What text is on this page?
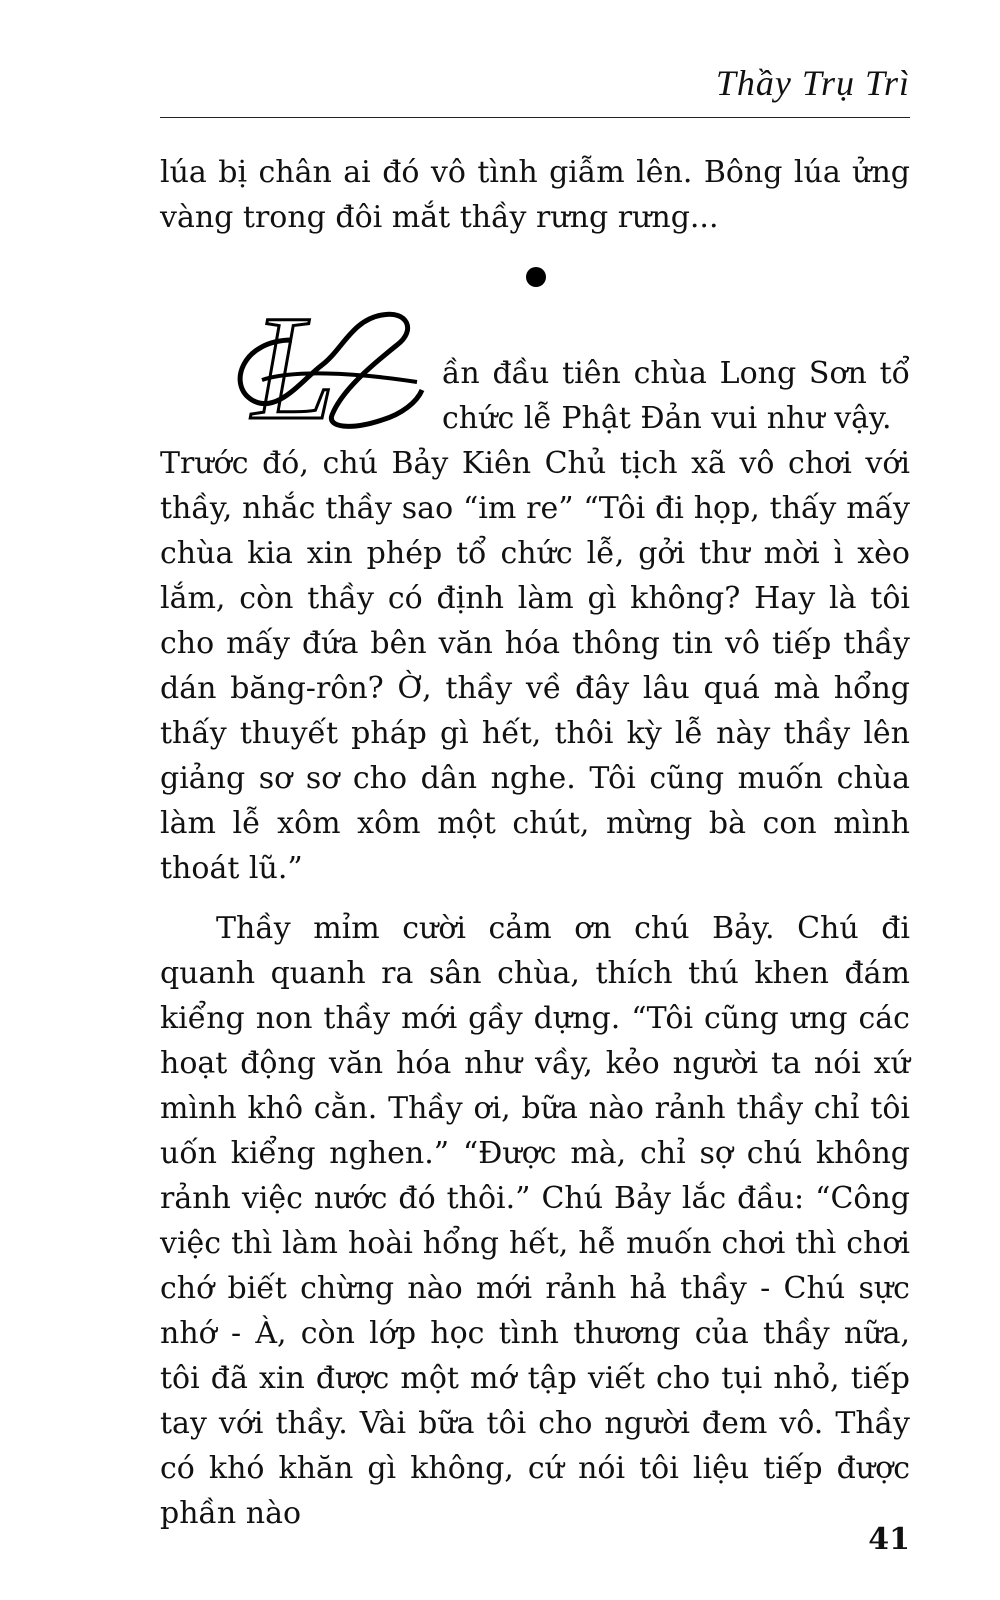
Thầy Trụ Trì
lúa bị chân ai đó vô tình giẫm lên. Bông lúa ửng vàng trong đôi mắt thầy rưng rưng...
L	ần đầu tiên chùa Long Sơn tổ chức lễ Phật Đản vui như vậy.
Trước đó, chú Bảy Kiên Chủ tịch xã vô chơi với thầy, nhắc thầy sao “im re” “Tôi đi họp, thấy mấy chùa kia xin phép tổ chức lễ, gởi thư mời ì xèo lắm, còn thầy có định làm gì không? Hay là tôi cho mấy đứa bên văn hóa thông tin vô tiếp thầy dán băng-rôn? Ờ, thầy về đây lâu quá mà hổng thấy thuyết pháp gì hết, thôi kỳ lễ này thầy lên giảng sơ sơ cho dân nghe. Tôi cũng muốn chùa làm lễ xôm xôm một chút, mừng bà con mình thoát lũ.”
Thầy mỉm cười cảm ơn chú Bảy. Chú đi quanh quanh ra sân chùa, thích thú khen đám kiểng non thầy mới gầy dựng. “Tôi cũng ưng các hoạt động văn hóa như vầy, kẻo người ta nói xứ mình khô cằn. Thầy ơi, bữa nào rảnh thầy chỉ tôi uốn kiểng nghen.” “Được mà, chỉ sợ chú không rảnh việc nước đó thôi.” Chú Bảy lắc đầu: “Công việc thì làm hoài hổng hết, hễ muốn chơi thì chơi chớ biết chừng nào mới rảnh hả thầy - Chú sực nhớ - À, còn lớp học tình thương của thầy nữa, tôi đã xin được một mớ tập viết cho tụi nhỏ, tiếp tay với thầy. Vài bữa tôi cho người đem vô. Thầy có khó khăn gì không, cứ nói tôi liệu tiếp được phần nào
41
